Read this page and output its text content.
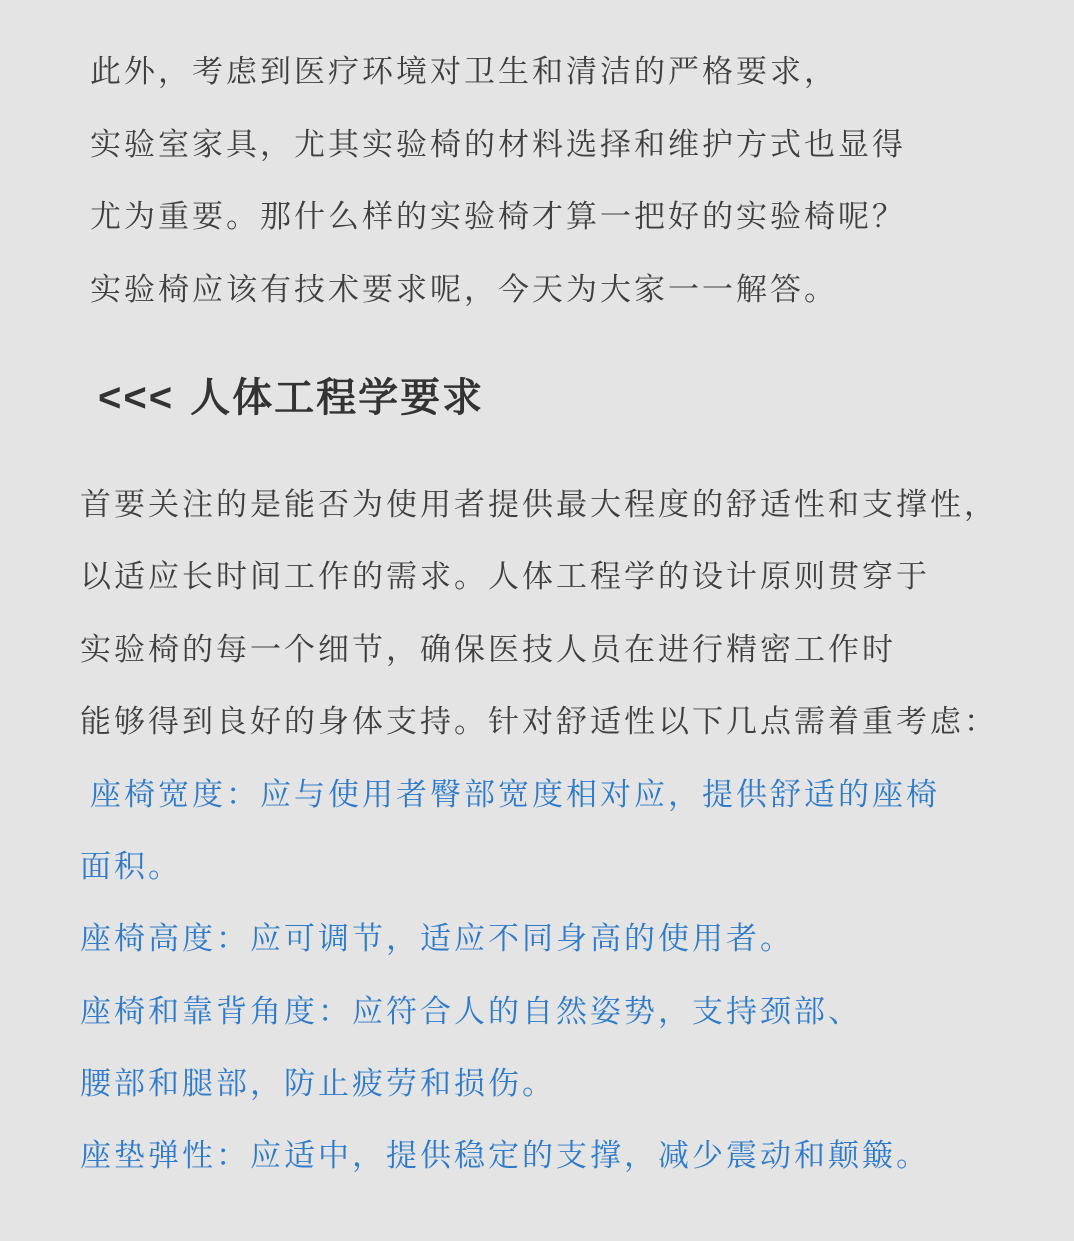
此外，考虑到医疗环境对卫生和清洁的严格要求，
实验室家具，尤其实验椅的材料选择和维护方式也显得
尤为重要。那什么样的实验椅才算一把好的实验椅呢？
实验椅应该有技术要求呢，今天为大家一一解答。
<<< 人体工程学要求
首要关注的是能否为使用者提供最大程度的舒适性和支撑性，
以适应长时间工作的需求。人体工程学的设计原则贯穿于
实验椅的每一个细节，确保医技人员在进行精密工作时
能够得到良好的身体支持。针对舒适性以下几点需着重考虑：
座椅宽度：应与使用者臀部宽度相对应，提供舒适的座椅
面积。
座椅高度：应可调节，适应不同身高的使用者。
座椅和靠背角度：应符合人的自然姿势，支持颈部、
腰部和腿部，防止疲劳和损伤。
座垫弹性：应适中，提供稳定的支撑，减少震动和颠簸。
